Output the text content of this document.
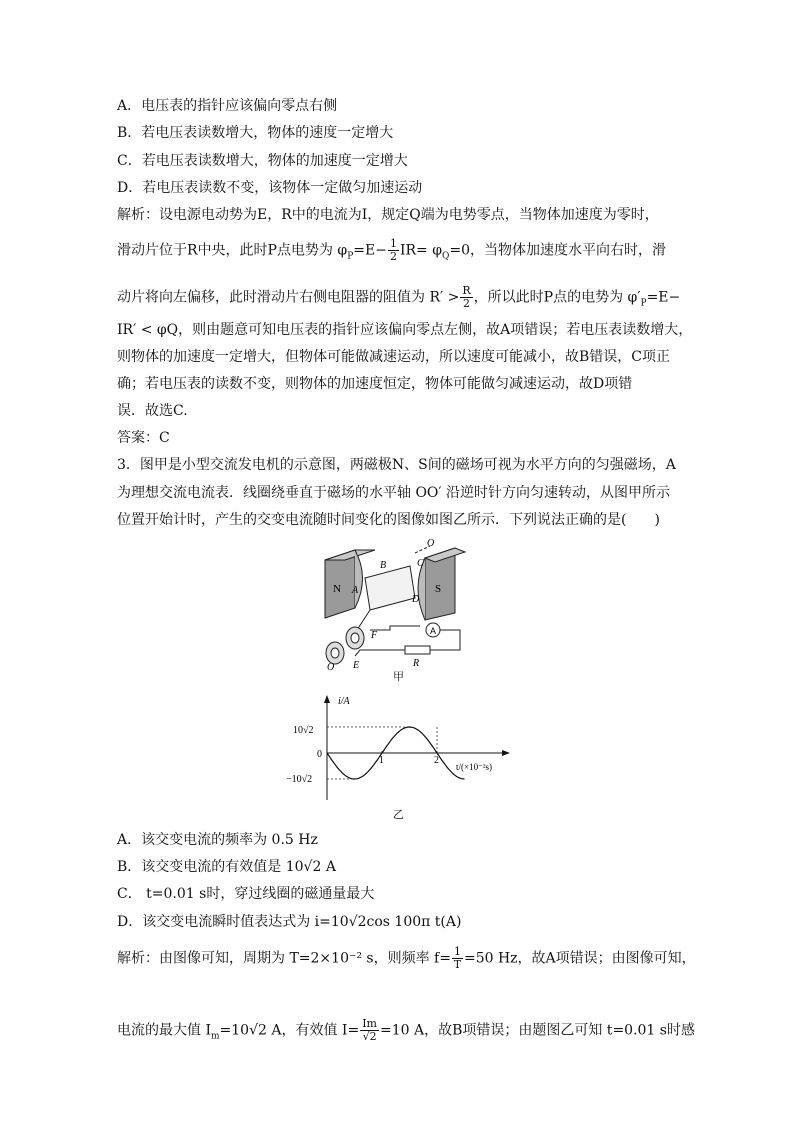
A．电压表的指针应该偏向零点右侧
B．若电压表读数增大，物体的速度一定增大
C．若电压表读数增大，物体的加速度一定增大
D．若电压表读数不变，该物体一定做匀加速运动
解析：设电源电动势为E，R中的电流为I，规定Q端为电势零点，当物体加速度为零时，
滑动片位于R中央，此时P点电势为 $\varphi_P=E- \frac{1}{2} IR= \varphi_Q=0$，当物体加速度水平向右时，滑
动片将向左偏移，此时滑动片右侧电阻器的阻值为 $R' > \frac{R}{2}$ ，所以此时P点的电势为 $\varphi'_P=E-$
IR′ < φQ，则由题意可知电压表的指针应该偏向零点左侧，故A项错误；若电压表读数增大，
则物体的加速度一定增大，但物体可能做减速运动，所以速度可能减小，故B错误，C项正
确；若电压表的读数不变，则物体的加速度恒定，物体可能做匀减速运动，故D项错
误．故选C.
答案：C
3．图甲是小型交流发电机的示意图，两磁极N、S间的磁场可视为水平方向的匀强磁场，A
为理想交流电流表．线圈绕垂直于磁场的水平轴 OO′ 沿逆时针方向匀速转动，从图甲所示
位置开始计时，产生的交变电流随时间变化的图像如图乙所示．下列说法正确的是(　　)
N	S
A
B	C
D
O
O
F
E	R
A
甲
i/A
t/(×10⁻²s)
10√2
0
−10√2
1	2
乙
A．该交变电流的频率为 0.5 Hz
B．该交变电流的有效值是 10√2 A
C． t=0.01 s时，穿过线圈的磁通量最大
D．该交变电流瞬时值表达式为 i=10√2cos 100π t(A)
解析：由图像可知，周期为 T=2×10⁻² s，则频率 $f= \frac{1}{T} =50$ Hz，故A项错误；由图像可知，
电流的最大值 $I_m=10√2$ A，有效值 $I= \frac{Im}{√2} =10$ A，故B项错误；由题图乙可知 t=0.01 s时感
